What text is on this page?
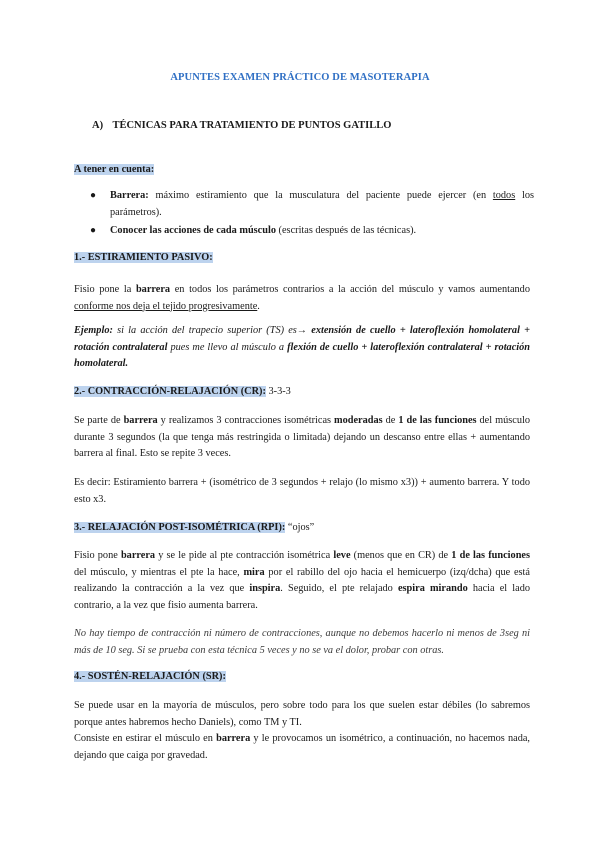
APUNTES EXAMEN PRÁCTICO DE MASOTERAPIA
A) TÉCNICAS PARA TRATAMIENTO DE PUNTOS GATILLO
A tener en cuenta:
● Barrera: máximo estiramiento que la musculatura del paciente puede ejercer (en todos los parámetros).
● Conocer las acciones de cada músculo (escritas después de las técnicas).
1.- ESTIRAMIENTO PASIVO:
Fisio pone la barrera en todos los parámetros contrarios a la acción del músculo y vamos aumentando conforme nos deja el tejido progresivamente.
Ejemplo: si la acción del trapecio superior (TS) es→ extensión de cuello + lateroflexión homolateral + rotación contralateral pues me llevo al músculo a flexión de cuello + lateroflexión contralateral + rotación homolateral.
2.- CONTRACCIÓN-RELAJACIÓN (CR): 3-3-3
Se parte de barrera y realizamos 3 contracciones isométricas moderadas de 1 de las funciones del músculo durante 3 segundos (la que tenga más restringida o limitada) dejando un descanso entre ellas + aumentando barrera al final. Esto se repite 3 veces.
Es decir: Estiramiento barrera + (isométrico de 3 segundos + relajo (lo mismo x3)) + aumento barrera. Y todo esto x3.
3.- RELAJACIÓN POST-ISOMÉTRICA (RPI): “ojos”
Fisio pone barrera y se le pide al pte contracción isométrica leve (menos que en CR) de 1 de las funciones del músculo, y mientras el pte la hace, mira por el rabillo del ojo hacia el hemicuerpo (izq/dcha) que está realizando la contracción a la vez que inspira. Seguido, el pte relajado espira mirando hacia el lado contrario, a la vez que fisio aumenta barrera.
No hay tiempo de contracción ni número de contracciones, aunque no debemos hacerlo ni menos de 3seg ni más de 10 seg. Si se prueba con esta técnica 5 veces y no se va el dolor, probar con otras.
4.- SOSTÉN-RELAJACIÓN (SR):

Se puede usar en la mayoría de músculos, pero sobre todo para los que suelen estar débiles (lo sabremos porque antes habremos hecho Daniels), como TM y TI.

Consiste en estirar el músculo en barrera y le provocamos un isométrico, a continuación, no hacemos nada, dejando que caiga por gravedad.
